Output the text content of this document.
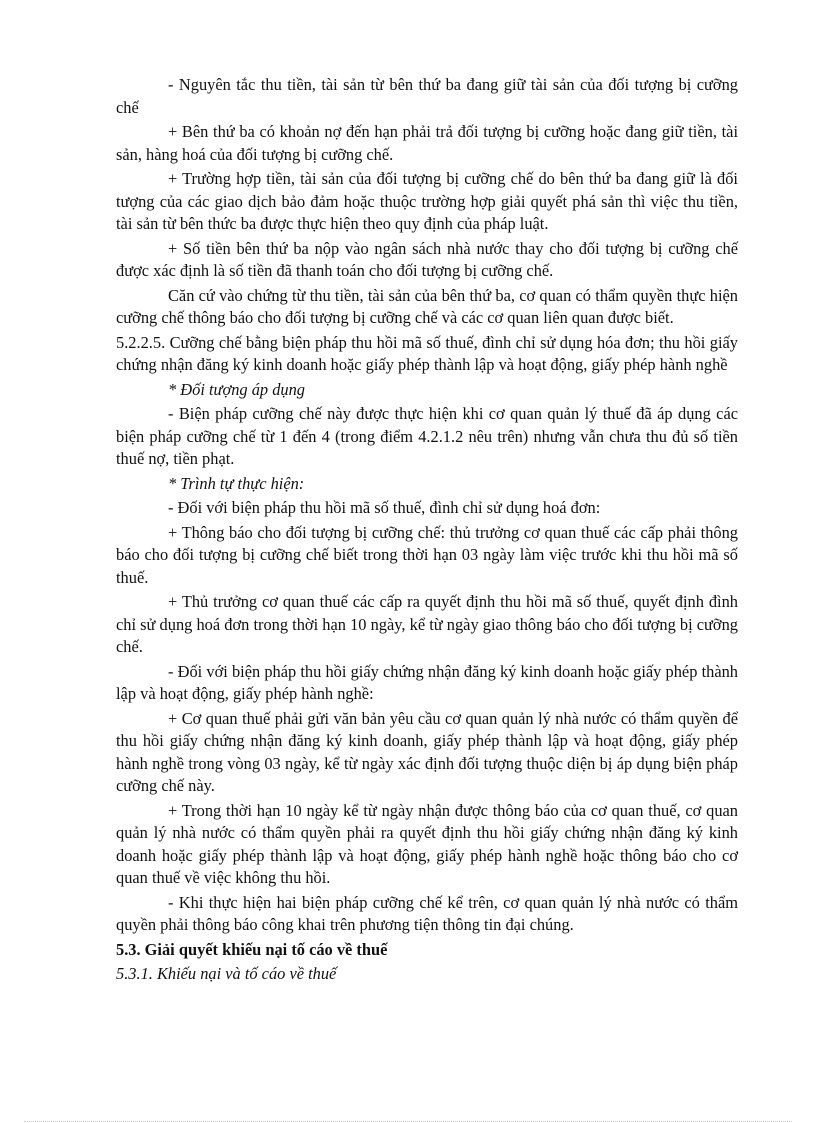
- Nguyên tắc thu tiền, tài sản từ bên thứ ba đang giữ tài sản của đối tượng bị cưỡng chế

+ Bên thứ ba có khoản nợ đến hạn phải trả đối tượng bị cưỡng hoặc đang giữ tiền, tài sản, hàng hoá của đối tượng bị cưỡng chế.

+ Trường hợp tiền, tài sản của đối tượng bị cưỡng chế do bên thứ ba đang giữ là đối tượng của các giao dịch bảo đảm hoặc thuộc trường hợp giải quyết phá sản thì việc thu tiền, tài sản từ bên thức ba được thực hiện theo quy định của pháp luật.

+ Số tiền bên thứ ba nộp vào ngân sách nhà nước thay cho đối tượng bị cưỡng chế được xác định là số tiền đã thanh toán cho đối tượng bị cưỡng chế.

Căn cứ vào chứng từ thu tiền, tài sản của bên thứ ba, cơ quan có thẩm quyền thực hiện cưỡng chế thông báo cho đối tượng bị cưỡng chế và các cơ quan liên quan được biết.

5.2.2.5. Cưỡng chế bằng biện pháp thu hồi mã số thuế, đình chỉ sử dụng hóa đơn; thu hồi giấy chứng nhận đăng ký kinh doanh hoặc giấy phép thành lập và hoạt động, giấy phép hành nghề

* Đối tượng áp dụng

- Biện pháp cưỡng chế này được thực hiện khi cơ quan quản lý thuế đã áp dụng các biện pháp cưỡng chế từ 1 đến 4 (trong điểm 4.2.1.2 nêu trên) nhưng vẫn chưa thu đủ số tiền thuế nợ, tiền phạt.

* Trình tự thực hiện:

- Đối với biện pháp thu hồi mã số thuế, đình chỉ sử dụng hoá đơn:

+ Thông báo cho đối tượng bị cưỡng chế: thủ trưởng cơ quan thuế các cấp phải thông báo cho đối tượng bị cưỡng chế biết trong thời hạn 03 ngày làm việc trước khi thu hồi mã số thuế.

+ Thủ trưởng cơ quan thuế các cấp ra quyết định thu hồi mã số thuế, quyết định đình chỉ sử dụng hoá đơn trong thời hạn 10 ngày, kể từ ngày giao thông báo cho đối tượng bị cưỡng chế.

- Đối với biện pháp thu hồi giấy chứng nhận đăng ký kinh doanh hoặc giấy phép thành lập và hoạt động, giấy phép hành nghề:

+ Cơ quan thuế phải gửi văn bản yêu cầu cơ quan quản lý nhà nước có thẩm quyền để thu hồi giấy chứng nhận đăng ký kinh doanh, giấy phép thành lập và hoạt động, giấy phép hành nghề trong vòng 03 ngày, kể từ ngày xác định đối tượng thuộc diện bị áp dụng biện pháp cưỡng chế này.

+ Trong thời hạn 10 ngày kể từ ngày nhận được thông báo của cơ quan thuế, cơ quan quản lý nhà nước có thẩm quyền phải ra quyết định thu hồi giấy chứng nhận đăng ký kinh doanh hoặc giấy phép thành lập và hoạt động, giấy phép hành nghề hoặc thông báo cho cơ quan thuế về việc không thu hồi.

- Khi thực hiện hai biện pháp cưỡng chế kể trên, cơ quan quản lý nhà nước có thẩm quyền phải thông báo công khai trên phương tiện thông tin đại chúng.

5.3. Giải quyết khiếu nại tố cáo về thuế

5.3.1. Khiếu nại và tố cáo về thuế
